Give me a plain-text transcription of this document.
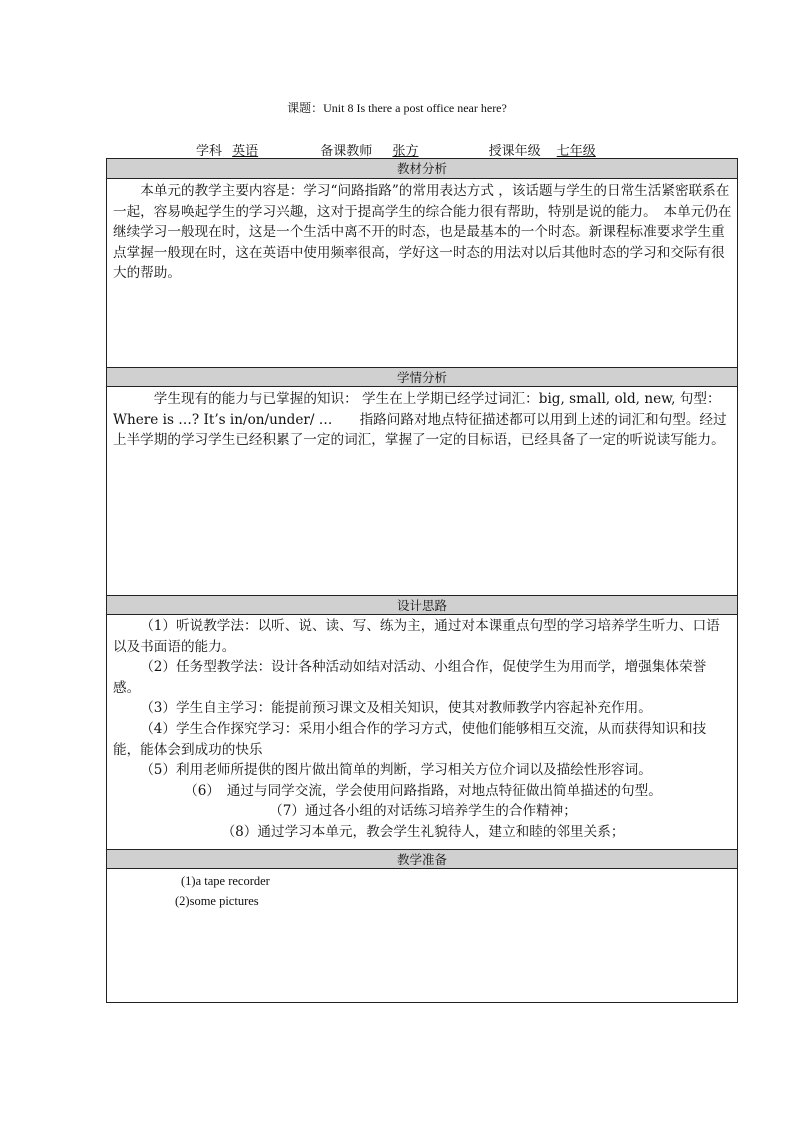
课题：Unit 8 Is there a post office near here?
学科 英语	备课教师 张方	授课年级 七年级
教材分析

本单元的教学主要内容是：学习“问路指路”的常用表达方式 ，该话题与学生的日常生活紧密联系在一起，容易唤起学生的学习兴趣，这对于提高学生的综合能力很有帮助，特别是说的能力。　本单元仍在继续学习一般现在时，这是一个生活中离不开的时态，也是最基本的一个时态。新课程标准要求学生重点掌握一般现在时，这在英语中使用频率很高，学好这一时态的用法对以后其他时态的学习和交际有很大的帮助。

学情分析

学生现有的能力与已掌握的知识： 学生在上学期已经学过词汇：big, small, old, new, 句型： Where is …? It’s in/on/under/ …　　指路问路对地点特征描述都可以用到上述的词汇和句型。经过上半学期的学习学生已经积累了一定的词汇，掌握了一定的目标语，已经具备了一定的听说读写能力。

设计思路

（1）听说教学法：以听、说、读、写、练为主，通过对本课重点句型的学习培养学生听力、口语以及书面语的能力。

（2）任务型教学法：设计各种活动如结对活动、小组合作，促使学生为用而学，增强集体荣誉感。

（3）学生自主学习：能提前预习课文及相关知识，使其对教师教学内容起补充作用。

（4）学生合作探究学习：采用小组合作的学习方式，使他们能够相互交流，从而获得知识和技能，能体会到成功的快乐

（5）利用老师所提供的图片做出简单的判断，学习相关方位介词以及描绘性形容词。

（6）　通过与同学交流，学会使用问路指路，对地点特征做出简单描述的句型。

（7）通过各小组的对话练习培养学生的合作精神；

（8）通过学习本单元，教会学生礼貌待人，建立和睦的邻里关系；

教学准备

(1)a tape recorder

(2)some pictures
